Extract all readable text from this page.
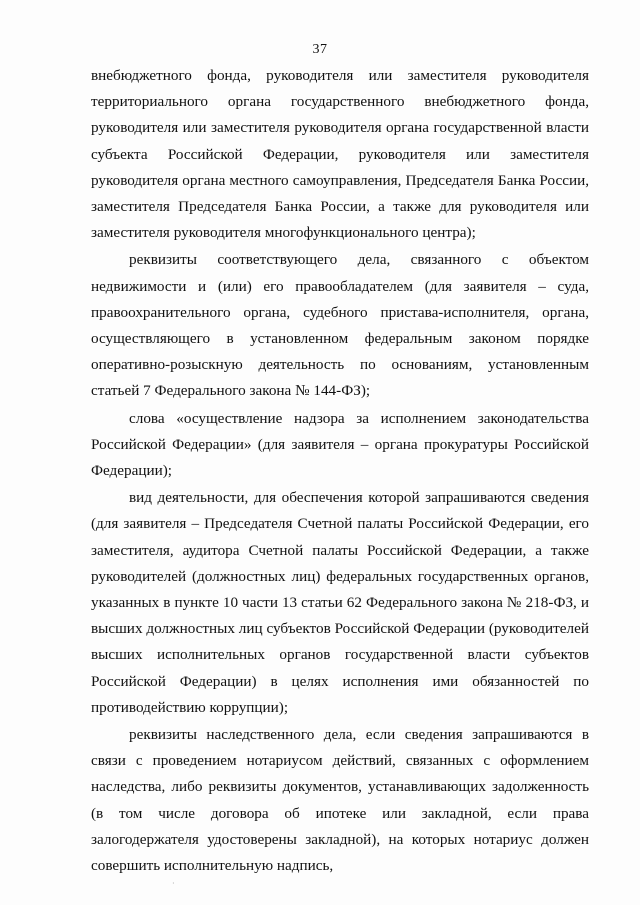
37

внебюджетного фонда, руководителя или заместителя руководителя территориального органа государственного внебюджетного фонда, руководителя или заместителя руководителя органа государственной власти субъекта Российской Федерации, руководителя или заместителя руководителя органа местного самоуправления, Председателя Банка России, заместителя Председателя Банка России, а также для руководителя или заместителя руководителя многофункционального центра);

реквизиты соответствующего дела, связанного с объектом недвижимости и (или) его правообладателем (для заявителя – суда, правоохранительного органа, судебного пристава-исполнителя, органа, осуществляющего в установленном федеральным законом порядке оперативно-розыскную деятельность по основаниям, установленным статьей 7 Федерального закона № 144-ФЗ);

слова «осуществление надзора за исполнением законодательства Российской Федерации» (для заявителя – органа прокуратуры Российской Федерации);

вид деятельности, для обеспечения которой запрашиваются сведения (для заявителя – Председателя Счетной палаты Российской Федерации, его заместителя, аудитора Счетной палаты Российской Федерации, а также руководителей (должностных лиц) федеральных государственных органов, указанных в пункте 10 части 13 статьи 62 Федерального закона № 218-ФЗ, и высших должностных лиц субъектов Российской Федерации (руководителей высших исполнительных органов государственной власти субъектов Российской Федерации) в целях исполнения ими обязанностей по противодействию коррупции);

реквизиты наследственного дела, если сведения запрашиваются в связи с проведением нотариусом действий, связанных с оформлением наследства, либо реквизиты документов, устанавливающих задолженность (в том числе договора об ипотеке или закладной, если права залогодержателя удостоверены закладной), на которых нотариус должен совершить исполнительную надпись,

·
